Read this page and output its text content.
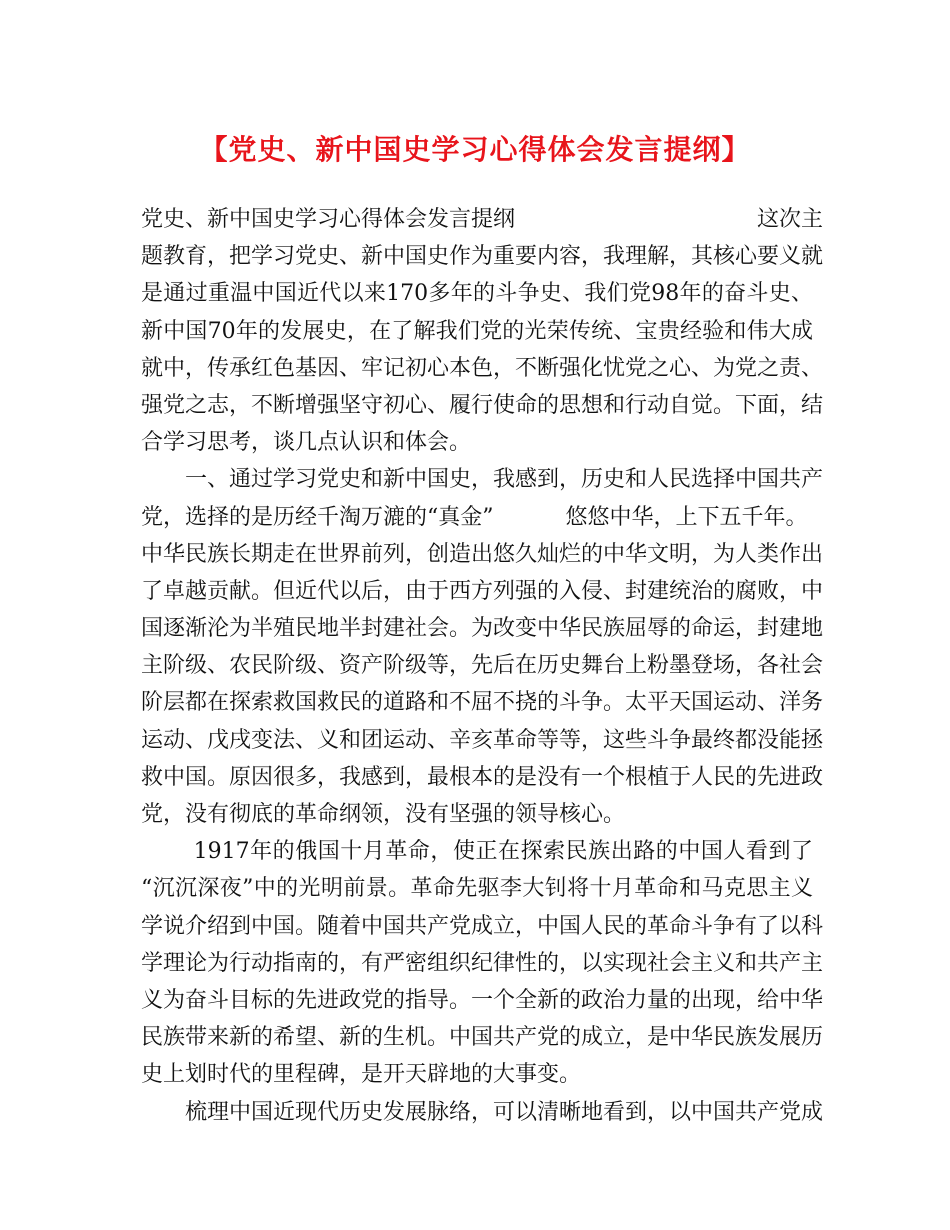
【党史、新中国史学习心得体会发言提纲】
党史、新中国史学习心得体会发言提纲	这次主
题教育，把学习党史、新中国史作为重要内容，我理解，其核心要义就
是通过重温中国近代以来170多年的斗争史、我们党98年的奋斗史、
新中国70年的发展史，在了解我们党的光荣传统、宝贵经验和伟大成
就中，传承红色基因、牢记初心本色，不断强化忧党之心、为党之责、
强党之志，不断增强坚守初心、履行使命的思想和行动自觉。下面，结
合学习思考，谈几点认识和体会。
　　一、通过学习党史和新中国史，我感到，历史和人民选择中国共产
党，选择的是历经千淘万漉的“真金”	悠悠中华，上下五千年。
中华民族长期走在世界前列，创造出悠久灿烂的中华文明，为人类作出
了卓越贡献。但近代以后，由于西方列强的入侵、封建统治的腐败，中
国逐渐沦为半殖民地半封建社会。为改变中华民族屈辱的命运，封建地
主阶级、农民阶级、资产阶级等，先后在历史舞台上粉墨登场，各社会
阶层都在探索救国救民的道路和不屈不挠的斗争。太平天国运动、洋务
运动、戊戌变法、义和团运动、辛亥革命等等，这些斗争最终都没能拯
救中国。原因很多，我感到，最根本的是没有一个根植于人民的先进政
党，没有彻底的革命纲领，没有坚强的领导核心。
　　 1917年的俄国十月革命，使正在探索民族出路的中国人看到了
“沉沉深夜”中的光明前景。革命先驱李大钊将十月革命和马克思主义
学说介绍到中国。随着中国共产党成立，中国人民的革命斗争有了以科
学理论为行动指南的，有严密组织纪律性的，以实现社会主义和共产主
义为奋斗目标的先进政党的指导。一个全新的政治力量的出现，给中华
民族带来新的希望、新的生机。中国共产党的成立，是中华民族发展历
史上划时代的里程碑，是开天辟地的大事变。
　　梳理中国近现代历史发展脉络，可以清晰地看到，以中国共产党成
